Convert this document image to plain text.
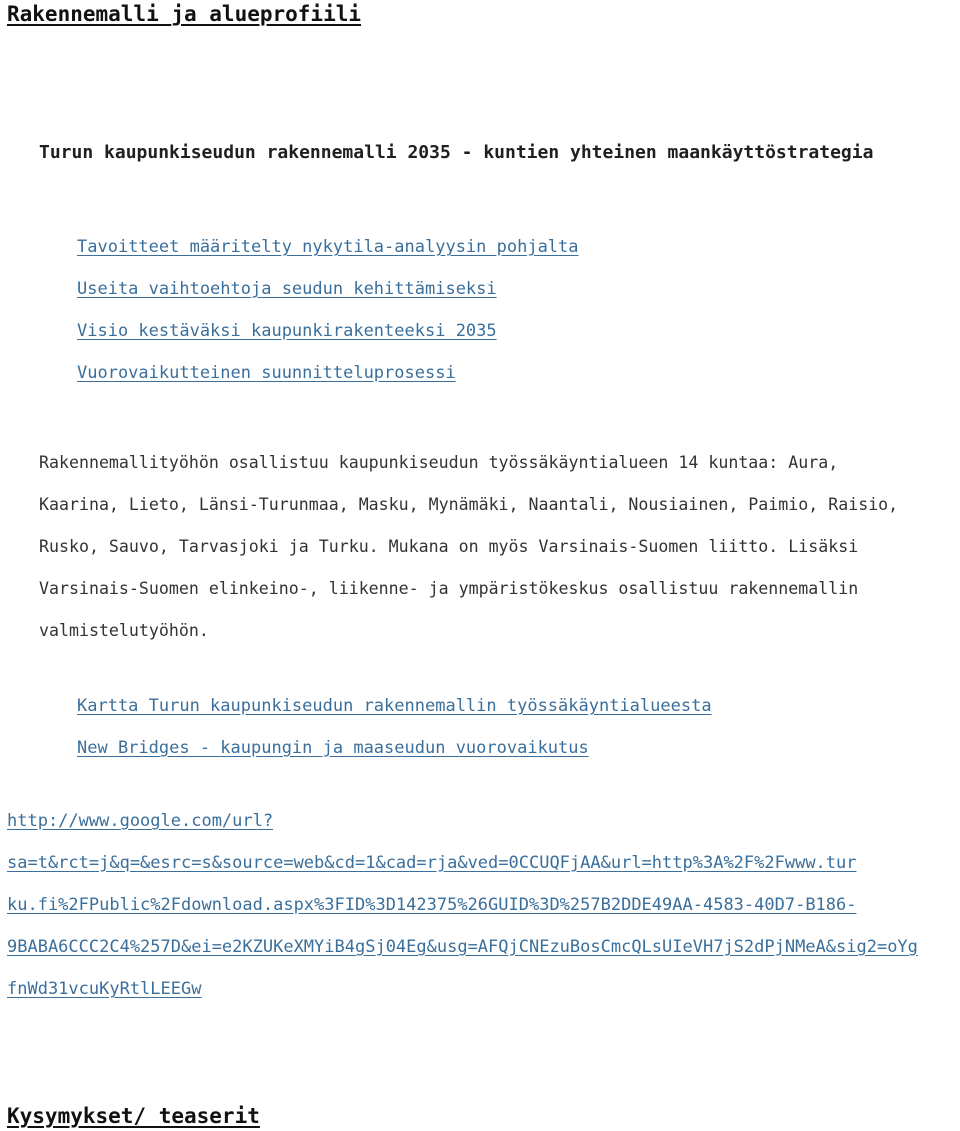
Rakennemalli_ja alueprofiili
Turun kaupunkiseudun rakennemalli 2035 - kuntien yhteinen maankäyttöstrategia
Tavoitteet määritelty nykytila-analyysin pohjalta
Useita vaihtoehtoja seudun kehittämiseksi
Visio kestäväksi kaupunkirakenteeksi 2035
Vuorovaikutteinen suunnitteluprosessi

Rakennemallityöhön osallistuu kaupunkiseudun työssäkäyntialueen 14 kuntaa: Aura,
Kaarina, Lieto, Länsi-Turunmaa, Masku, Mynämäki, Naantali, Nousiainen, Paimio, Raisio,
Rusko, Sauvo, Tarvasjoki ja Turku. Mukana on myös Varsinais-Suomen liitto. Lisäksi
Varsinais-Suomen elinkeino-, liikenne- ja ympäristökeskus osallistuu rakennemallin
valmistelutyöhön.

Kartta Turun kaupunkiseudun rakennemallin työssäkäyntialueesta
New Bridges - kaupungin ja maaseudun vuorovaikutus
http://www.google.com/url?
sa=t&rct=j&q=&esrc=s&source=web&cd=1&cad=rja&ved=0CCUQFjAA&url=http%3A%2F%2Fwww.tur
ku.fi%2FPublic%2Fdownload.aspx%3FID%3D142375%26GUID%3D%257B2DDE49AA-4583-40D7-B186-
9BABA6CCC2C4%257D&ei=e2KZUKeXMYiB4gSj04Eg&usg=AFQjCNEzuBosCmcQLsUIeVH7jS2dPjNMeA&sig2=oYg
fnWd31vcuKyRtlLEEGw
Kysymykset/ teaserit
